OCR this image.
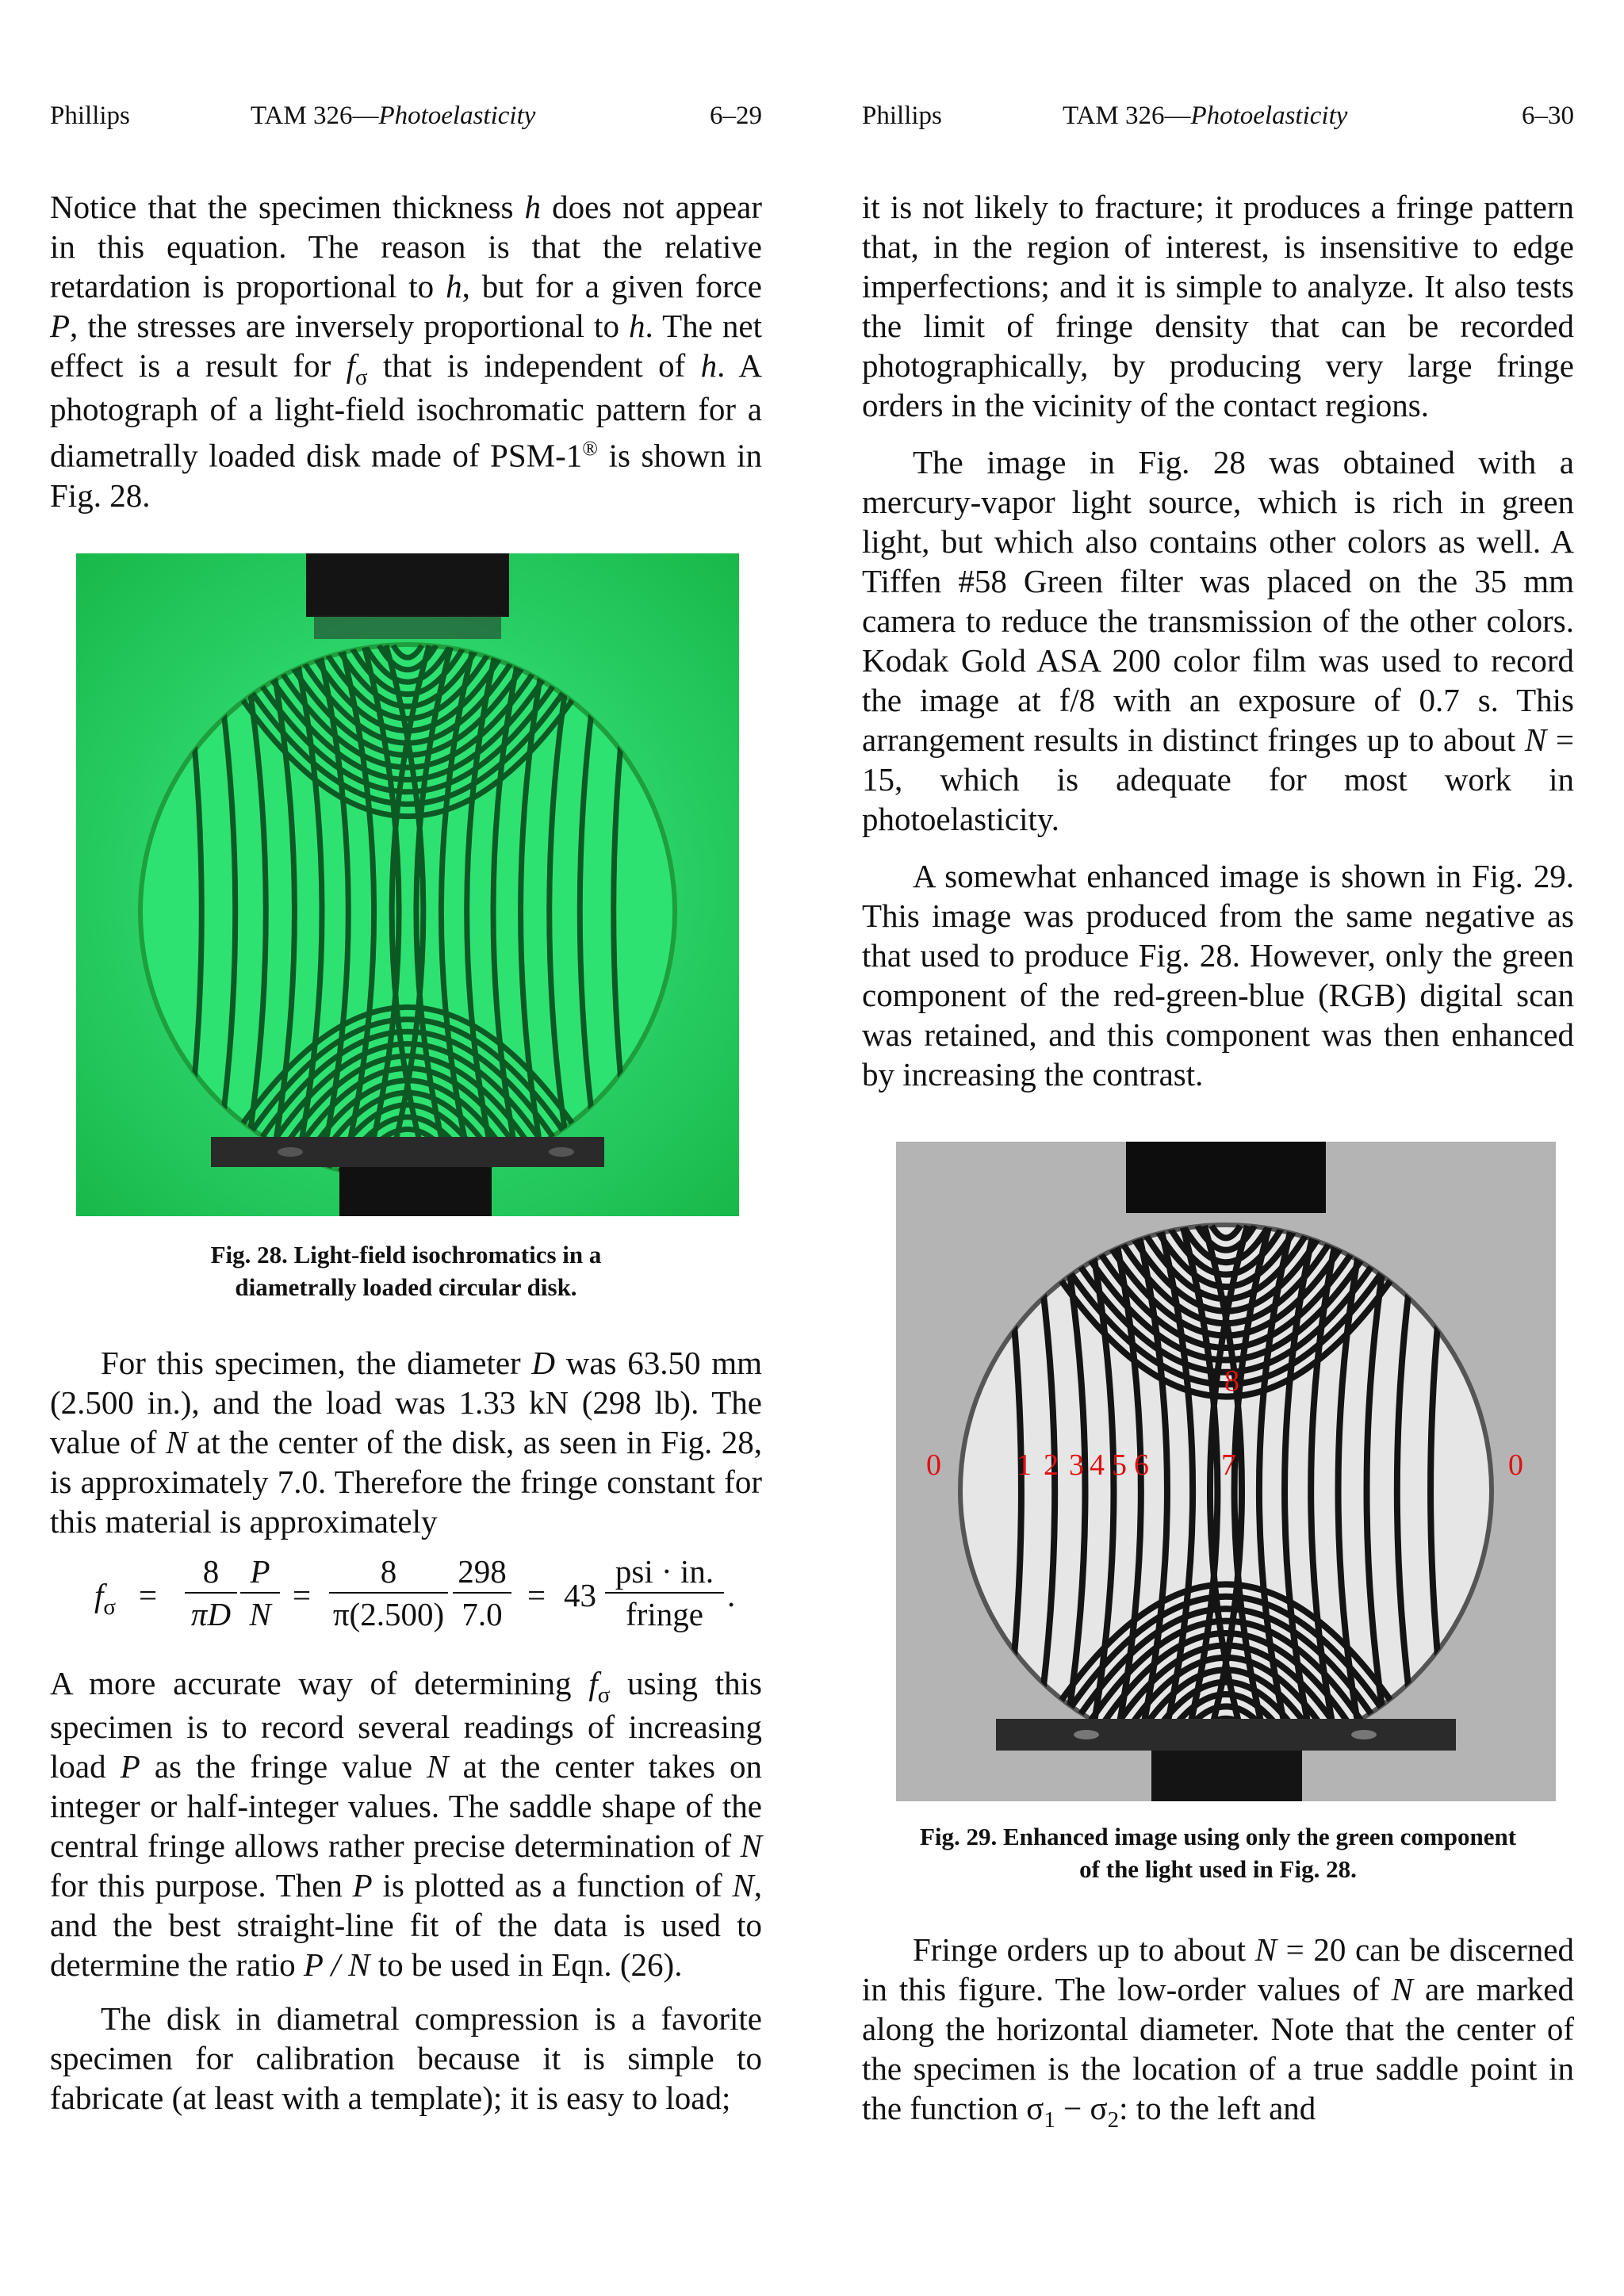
Phillips	TAM 326—Photoelasticity	6–29

Notice that the specimen thickness h does not appear in this equation. The reason is that the relative retardation is proportional to h, but for a given force P, the stresses are inversely proportional to h. The net effect is a result for $f_\sigma$ that is independent of h. A photograph of a light-field isochromatic pattern for a diametrally loaded disk made of PSM-1® is shown in Fig. 28.

Fig. 28. Light-field isochromatics in a
diametrally loaded circular disk.

For this specimen, the diameter D was 63.50 mm (2.500 in.), and the load was 1.33 kN (298 lb). The value of N at the center of the disk, as seen in Fig. 28, is approximately 7.0. Therefore the fringe constant for this material is approximately

$f_\sigma$ =
8
πD
P
N
=
8
π(2.500)
298
7.0
= 43
psi · in.
fringe
.

A more accurate way of determining $f_\sigma$ using this specimen is to record several readings of increasing load P as the fringe value N at the center takes on integer or half-integer values. The saddle shape of the central fringe allows rather precise determination of N for this purpose. Then P is plotted as a function of N, and the best straight-line fit of the data is used to determine the ratio P / N to be used in Eqn. (26).

The disk in diametral compression is a favorite specimen for calibration because it is simple to fabricate (at least with a template); it is easy to load;

Phillips	TAM 326—Photoelasticity	6–30

it is not likely to fracture; it produces a fringe pattern that, in the region of interest, is insensitive to edge imperfections; and it is simple to analyze. It also tests the limit of fringe density that can be recorded photographically, by producing very large fringe orders in the vicinity of the contact regions.

The image in Fig. 28 was obtained with a mercury-vapor light source, which is rich in green light, but which also contains other colors as well. A Tiffen #58 Green filter was placed on the 35 mm camera to reduce the transmission of the other colors. Kodak Gold ASA 200 color film was used to record the image at f/8 with an exposure of 0.7 s. This arrangement results in distinct fringes up to about N = 15, which is adequate for most work in photoelasticity.

A somewhat enhanced image is shown in Fig. 29. This image was produced from the same negative as that used to produce Fig. 28. However, only the green component of the red-green-blue (RGB) digital scan was retained, and this component was then enhanced by increasing the contrast.

0	1 2 3 4 5 6 7
8
0
Fig. 29. Enhanced image using only the green component
of the light used in Fig. 28.

Fringe orders up to about N = 20 can be discerned in this figure. The low-order values of N are marked along the horizontal diameter. Note that the center of the specimen is the location of a true saddle point in the function $\sigma_1 - \sigma_2$: to the left and
